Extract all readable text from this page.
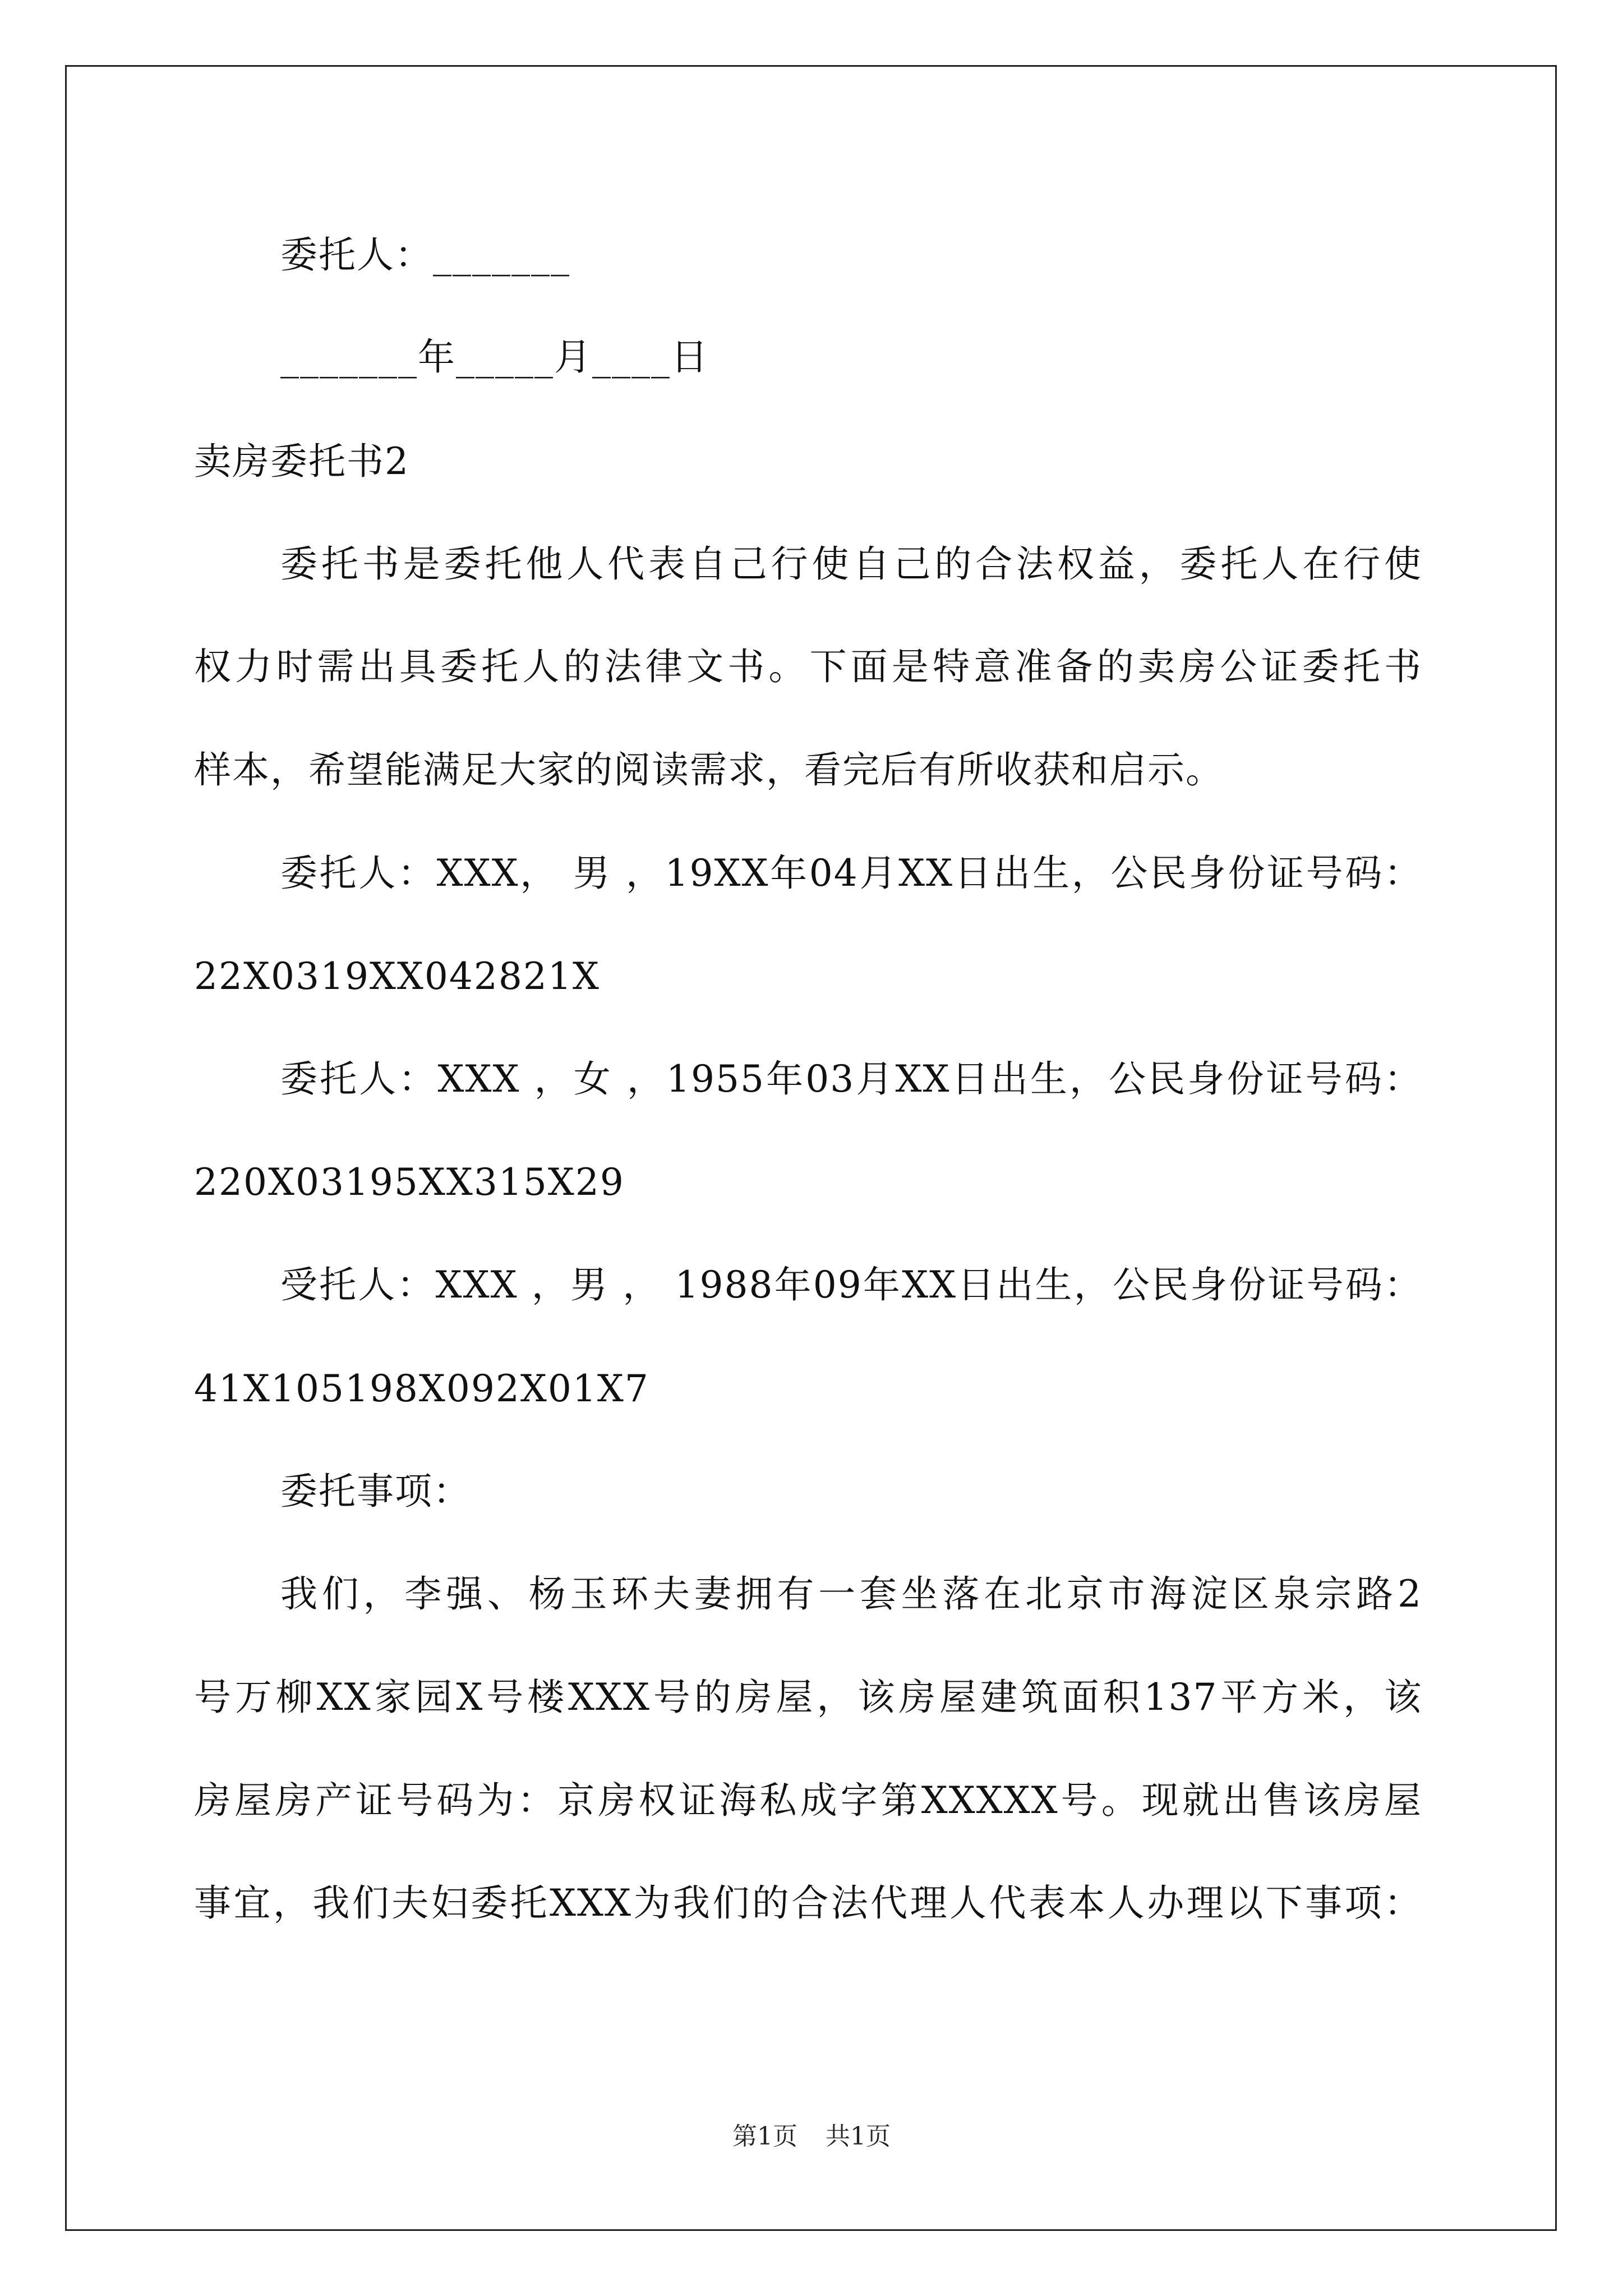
委托人：_______
_______年_____月____日
卖房委托书2
委托书是委托他人代表自己行使自己的合法权益，委托人在行使
权力时需出具委托人的法律文书。下面是特意准备的卖房公证委托书
样本，希望能满足大家的阅读需求，看完后有所收获和启示。
委托人：XXX， 男 ，19XX年04月XX日出生，公民身份证号码：
22X0319XX042821X
委托人：XXX ，女 ，1955年03月XX日出生，公民身份证号码：
220X03195XX315X29
受托人：XXX ，男 ， 1988年09年XX日出生，公民身份证号码：
41X105198X092X01X7
委托事项：
我们，李强、杨玉环夫妻拥有一套坐落在北京市海淀区泉宗路2
号万柳XX家园X号楼XXX号的房屋，该房屋建筑面积137平方米，该
房屋房产证号码为：京房权证海私成字第XXXXX号。现就出售该房屋
事宜，我们夫妇委托XXX为我们的合法代理人代表本人办理以下事项：
第1页 共1页
